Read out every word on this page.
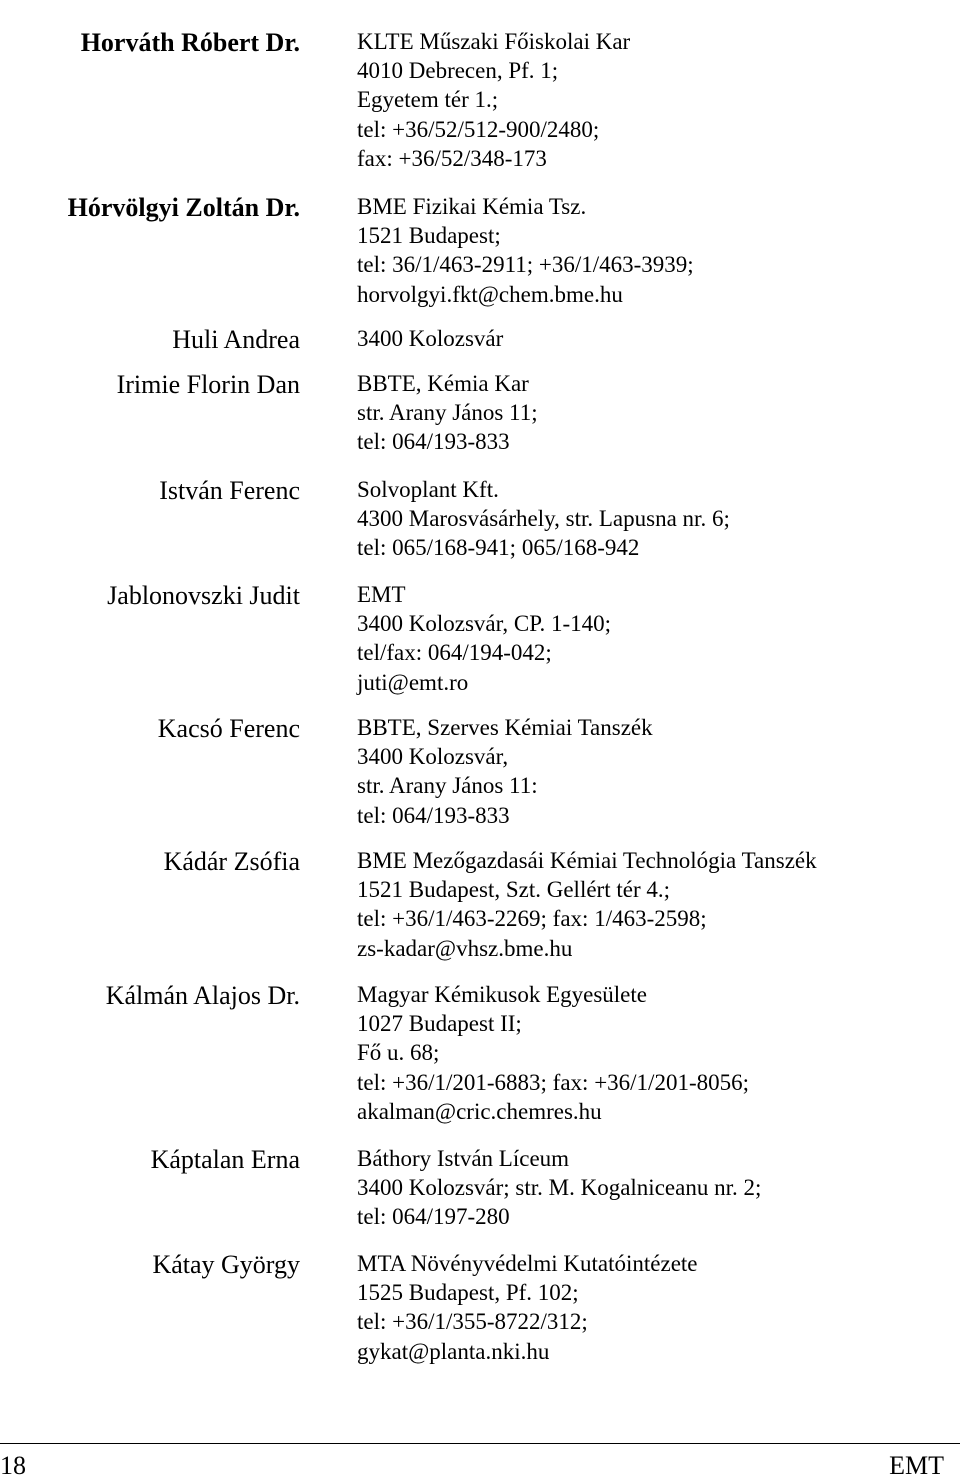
Horváth Róbert Dr. KLTE Műszaki Főiskolai Kar
4010 Debrecen, Pf. 1;
Egyetem tér 1.;
tel: +36/52/512-900/2480;
fax: +36/52/348-173
Hórvölgyi Zoltán Dr. BME Fizikai Kémia Tsz.
1521 Budapest;
tel: 36/1/463-2911; +36/1/463-3939;
horvolgyi.fkt@chem.bme.hu
Huli Andrea 3400 Kolozsvár
Irimie Florin Dan BBTE, Kémia Kar
str. Arany János 11;
tel: 064/193-833
István Ferenc Solvoplant Kft.
4300 Marosvásárhely, str. Lapusna nr. 6;
tel: 065/168-941; 065/168-942
Jablonovszki Judit EMT
3400 Kolozsvár, CP. 1-140;
tel/fax: 064/194-042;
juti@emt.ro
Kacsó Ferenc BBTE, Szerves Kémiai Tanszék
3400 Kolozsvár,
str. Arany János 11:
tel: 064/193-833
Kádár Zsófia BME Mezőgazdasái Kémiai Technológia Tanszék
1521 Budapest, Szt. Gellért tér 4.;
tel: +36/1/463-2269; fax: 1/463-2598;
zs-kadar@vhsz.bme.hu
Kálmán Alajos Dr. Magyar Kémikusok Egyesülete
1027 Budapest II;
Fő u. 68;
tel: +36/1/201-6883; fax: +36/1/201-8056;
akalman@cric.chemres.hu
Káptalan Erna Báthory István Líceum
3400 Kolozsvár; str. M. Kogalniceanu nr. 2;
tel: 064/197-280
Kátay György MTA Növényvédelmi Kutatóintézete
1525 Budapest, Pf. 102;
tel: +36/1/355-8722/312;
gykat@planta.nki.hu
18	EMT
